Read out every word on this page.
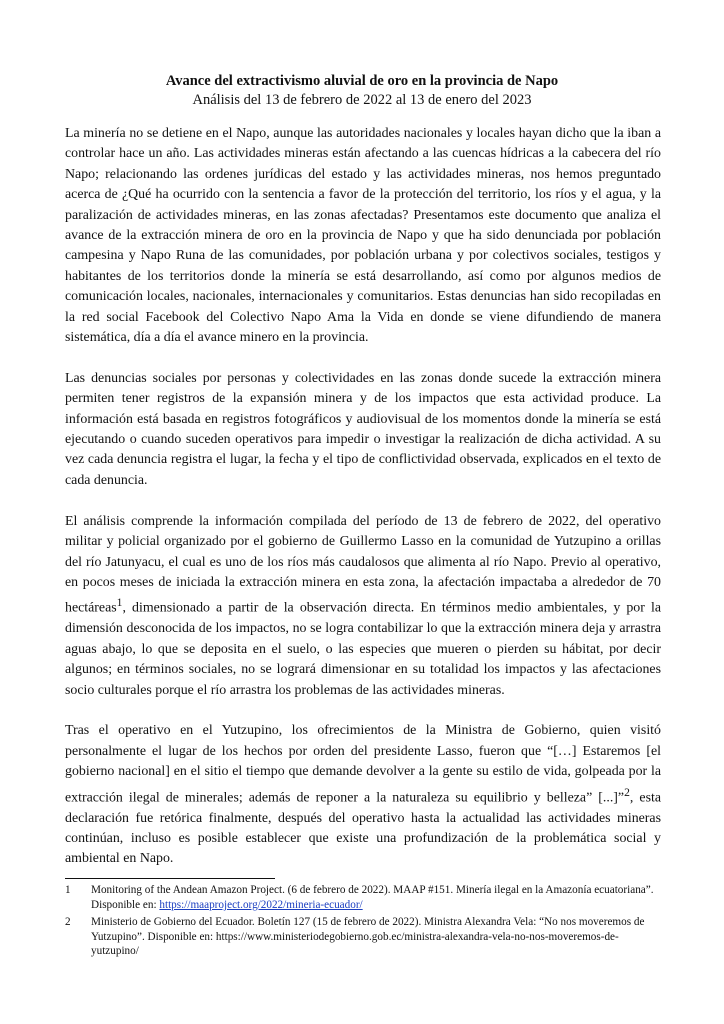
Avance del extractivismo aluvial de oro en la provincia de Napo
Análisis del 13 de febrero de 2022 al 13 de enero del 2023

La minería no se detiene en el Napo, aunque las autoridades nacionales y locales hayan dicho que la iban a controlar hace un año. Las actividades mineras están afectando a las cuencas hídricas a la cabecera del río Napo; relacionando las ordenes jurídicas del estado y las actividades mineras, nos hemos preguntado acerca de ¿Qué ha ocurrido con la sentencia a favor de la protección del territorio, los ríos y el agua, y la paralización de actividades mineras, en las zonas afectadas? Presentamos este documento que analiza el avance de la extracción minera de oro en la provincia de Napo y que ha sido denunciada por población campesina y Napo Runa de las comunidades, por población urbana y por colectivos sociales, testigos y habitantes de los territorios donde la minería se está desarrollando, así como por algunos medios de comunicación locales, nacionales, internacionales y comunitarios. Estas denuncias han sido recopiladas en la red social Facebook del Colectivo Napo Ama la Vida en donde se viene difundiendo de manera sistemática, día a día el avance minero en la provincia.

Las denuncias sociales por personas y colectividades en las zonas donde sucede la extracción minera permiten tener registros de la expansión minera y de los impactos que esta actividad produce. La información está basada en registros fotográficos y audiovisual de los momentos donde la minería se está ejecutando o cuando suceden operativos para impedir o investigar la realización de dicha actividad. A su vez cada denuncia registra el lugar, la fecha y el tipo de conflictividad observada, explicados en el texto de cada denuncia.

El análisis comprende la información compilada del período de 13 de febrero de 2022, del operativo militar y policial organizado por el gobierno de Guillermo Lasso en la comunidad de Yutzupino a orillas del río Jatunyacu, el cual es uno de los ríos más caudalosos que alimenta al río Napo. Previo al operativo, en pocos meses de iniciada la extracción minera en esta zona, la afectación impactaba a alrededor de 70 hectáreas$^1$, dimensionado a partir de la observación directa. En términos medio ambientales, y por la dimensión desconocida de los impactos, no se logra contabilizar lo que la extracción minera deja y arrastra aguas abajo, lo que se deposita en el suelo, o las especies que mueren o pierden su hábitat, por decir algunos; en términos sociales, no se logrará dimensionar en su totalidad los impactos y las afectaciones socio culturales porque el río arrastra los problemas de las actividades mineras.

Tras el operativo en el Yutzupino, los ofrecimientos de la Ministra de Gobierno, quien visitó personalmente el lugar de los hechos por orden del presidente Lasso, fueron que “[…] Estaremos [el gobierno nacional] en el sitio el tiempo que demande devolver a la gente su estilo de vida, golpeada por la extracción ilegal de minerales; además de reponer a la naturaleza su equilibrio y belleza” [...]”$^2$, esta declaración fue retórica finalmente, después del operativo hasta la actualidad las actividades mineras continúan, incluso es posible establecer que existe una profundización de la problemática social y ambiental en Napo.

1	Monitoring of the Andean Amazon Project. (6 de febrero de 2022). MAAP #151. Minería ilegal en la Amazonía ecuatoriana”. Disponible en: https://maaproject.org/2022/mineria-ecuador/
2	Ministerio de Gobierno del Ecuador. Boletín 127 (15 de febrero de 2022). Ministra Alexandra Vela: “No nos moveremos de Yutzupino”. Disponible en: https://www.ministeriodegobierno.gob.ec/ministra-alexandra-vela-no-nos-moveremos-de-yutzupino/
